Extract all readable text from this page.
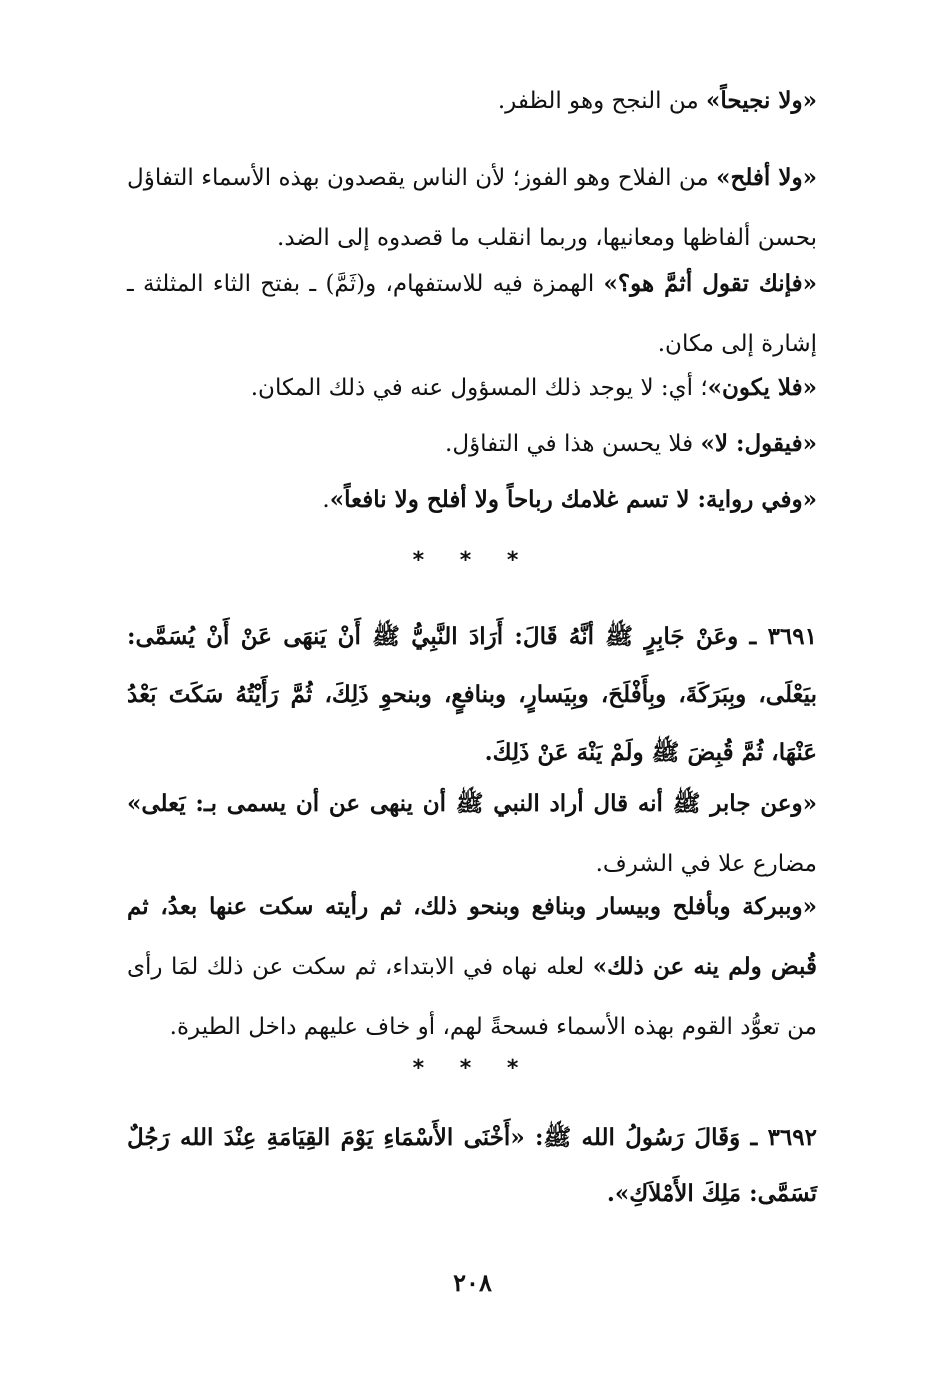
«ولا نجيحاً» من النجح وهو الظفر.

«ولا أفلح» من الفلاح وهو الفوز؛ لأن الناس يقصدون بهذه الأسماء التفاؤل بحسن ألفاظها ومعانيها، وربما انقلب ما قصدوه إلى الضد.

«فإنك تقول أثمَّ هو؟» الهمزة فيه للاستفهام، و(ثَمَّ) ـ بفتح الثاء المثلثة ـ إشارة إلى مكان.

«فلا يكون»؛ أي: لا يوجد ذلك المسؤول عنه في ذلك المكان.

«فيقول: لا» فلا يحسن هذا في التفاؤل.

«وفي رواية: لا تسم غلامك رباحاً ولا أفلح ولا نافعاً».

* * *

٣٦٩١ ـ وعَنْ جَابِرٍ ﷺ أنَّهُ قَالَ: أَرَادَ النَّبِيُّ ﷺ أَنْ يَنهَى عَنْ أَنْ يُسَمَّى: بيَعْلَى، وبِبَرَكَةَ، وبِأَفْلَحَ، وبِيَسارٍ، وبنافعٍ، وبنحوِ ذَلِكَ، ثُمَّ رَأَيْتُهُ سَكَتَ بَعْدُ عَنْهَا، ثُمَّ قُبِضَ ﷺ ولَمْ يَنْهَ عَنْ ذَلِكَ.

«وعن جابر ﷺ أنه قال أراد النبي ﷺ أن ينهى عن أن يسمى بـ: يَعلى» مضارع علا في الشرف.

«وببركة وبأفلح وبيسار وبنافع وبنحو ذلك، ثم رأيته سكت عنها بعدُ، ثم قُبض ولم ينه عن ذلك» لعله نهاه في الابتداء، ثم سكت عن ذلك لمَا رأى من تعوُّد القوم بهذه الأسماء فسحةً لهم، أو خاف عليهم داخل الطيرة.

* * *

٣٦٩٢ ـ وَقَالَ رَسُولُ الله ﷺ: «أَخْنَى الأَسْمَاءِ يَوْمَ القِيَامَةِ عِنْدَ الله رَجُلٌ تَسَمَّى: مَلِكَ الأَمْلاَكِ».

٢٠٨
